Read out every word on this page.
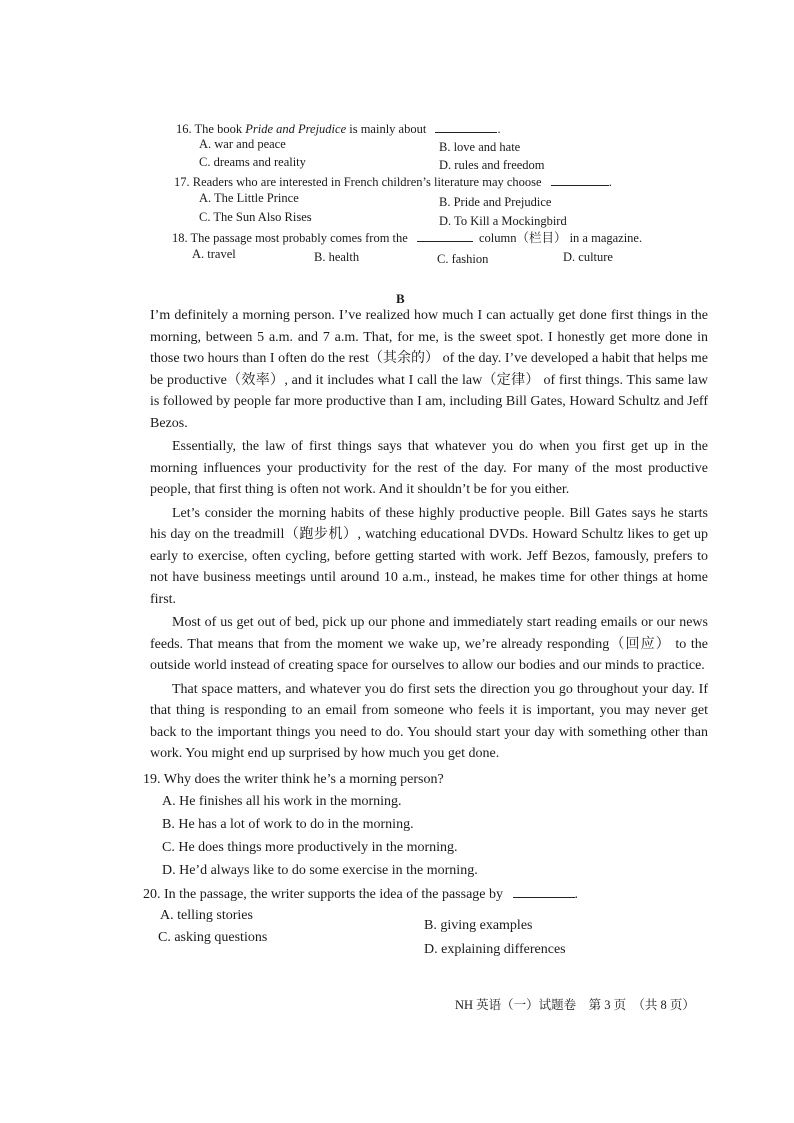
16. The book Pride and Prejudice is mainly about	.
A. war and peace	B. love and hate
C. dreams and reality	D. rules and freedom
17. Readers who are interested in French children’s literature may choose	.
A. The Little Prince	B. Pride and Prejudice
C. The Sun Also Rises	D. To Kill a Mockingbird
18. The passage most probably comes from the	column（栏目） in a magazine.
A. travel	B. health	C. fashion	D. culture
B

I’m definitely a morning person. I’ve realized how much I can actually get done first things in the morning, between 5 a.m. and 7 a.m. That, for me, is the sweet spot. I honestly get more done in those two hours than I often do the rest（其余的） of the day. I’ve developed a habit that helps me be productive（效率）, and it includes what I call the law（定律） of first things. This same law is followed by people far more productive than I am, including Bill Gates, Howard Schultz and Jeff Bezos.

Essentially, the law of first things says that whatever you do when you first get up in the morning influences your productivity for the rest of the day. For many of the most productive people, that first thing is often not work. And it shouldn’t be for you either.

Let’s consider the morning habits of these highly productive people. Bill Gates says he starts his day on the treadmill（跑步机）, watching educational DVDs. Howard Schultz likes to get up early to exercise, often cycling, before getting started with work. Jeff Bezos, famously, prefers to not have business meetings until around 10 a.m., instead, he makes time for other things at home first.

Most of us get out of bed, pick up our phone and immediately start reading emails or our news feeds. That means that from the moment we wake up, we’re already responding（回应） to the outside world instead of creating space for ourselves to allow our bodies and our minds to practice.

That space matters, and whatever you do first sets the direction you go throughout your day. If that thing is responding to an email from someone who feels it is important, you may never get back to the important things you need to do. You should start your day with something other than work. You might end up surprised by how much you get done.

19. Why does the writer think he’s a morning person?
A. He finishes all his work in the morning.
B. He has a lot of work to do in the morning.
C. He does things more productively in the morning.
D. He’d always like to do some exercise in the morning.
20. In the passage, the writer supports the idea of the passage by	.
A. telling stories
B. giving examples
C. asking questions
D. explaining differences
NH 英语（一）试题卷　第 3 页　（共 8 页）
